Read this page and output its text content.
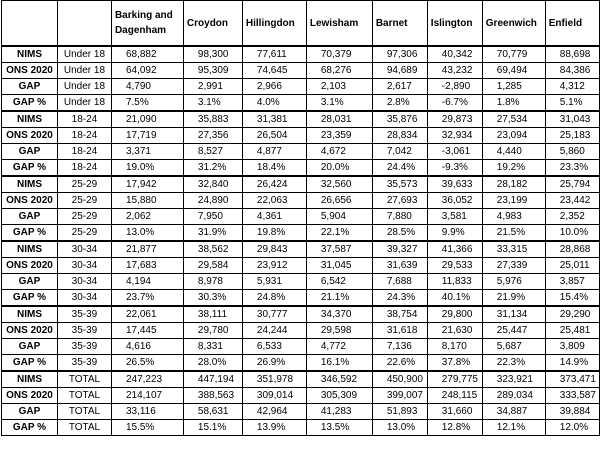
		Barking and Dagenham	Croydon	Hillingdon	Lewisham	Barnet	Islington	Greenwich	Enfield
NIMS	Under 18	68,882	98,300	77,611	70,379	97,306	40,342	70,779	88,698
ONS 2020	Under 18	64,092	95,309	74,645	68,276	94,689	43,232	69,494	84,386
GAP	Under 18	4,790	2,991	2,966	2,103	2,617	-2,890	1,285	4,312
GAP %	Under 18	7.5%	3.1%	4.0%	3.1%	2.8%	-6.7%	1.8%	5.1%
NIMS	18-24	21,090	35,883	31,381	28,031	35,876	29,873	27,534	31,043
ONS 2020	18-24	17,719	27,356	26,504	23,359	28,834	32,934	23,094	25,183
GAP	18-24	3,371	8,527	4,877	4,672	7,042	-3,061	4,440	5,860
GAP %	18-24	19.0%	31.2%	18.4%	20.0%	24.4%	-9.3%	19.2%	23.3%
NIMS	25-29	17,942	32,840	26,424	32,560	35,573	39,633	28,182	25,794
ONS 2020	25-29	15,880	24,890	22,063	26,656	27,693	36,052	23,199	23,442
GAP	25-29	2,062	7,950	4,361	5,904	7,880	3,581	4,983	2,352
GAP %	25-29	13.0%	31.9%	19.8%	22.1%	28.5%	9.9%	21.5%	10.0%
NIMS	30-34	21,877	38,562	29,843	37,587	39,327	41,366	33,315	28,868
ONS 2020	30-34	17,683	29,584	23,912	31,045	31,639	29,533	27,339	25,011
GAP	30-34	4,194	8,978	5,931	6,542	7,688	11,833	5,976	3,857
GAP %	30-34	23.7%	30.3%	24.8%	21.1%	24.3%	40.1%	21.9%	15.4%
NIMS	35-39	22,061	38,111	30,777	34,370	38,754	29,800	31,134	29,290
ONS 2020	35-39	17,445	29,780	24,244	29,598	31,618	21,630	25,447	25,481
GAP	35-39	4,616	8,331	6,533	4,772	7,136	8,170	5,687	3,809
GAP %	35-39	26.5%	28.0%	26.9%	16.1%	22.6%	37.8%	22.3%	14.9%
NIMS	TOTAL	247,223	447,194	351,978	346,592	450,900	279,775	323,921	373,471
ONS 2020	TOTAL	214,107	388,563	309,014	305,309	399,007	248,115	289,034	333,587
GAP	TOTAL	33,116	58,631	42,964	41,283	51,893	31,660	34,887	39,884
GAP %	TOTAL	15.5%	15.1%	13.9%	13.5%	13.0%	12.8%	12.1%	12.0%
